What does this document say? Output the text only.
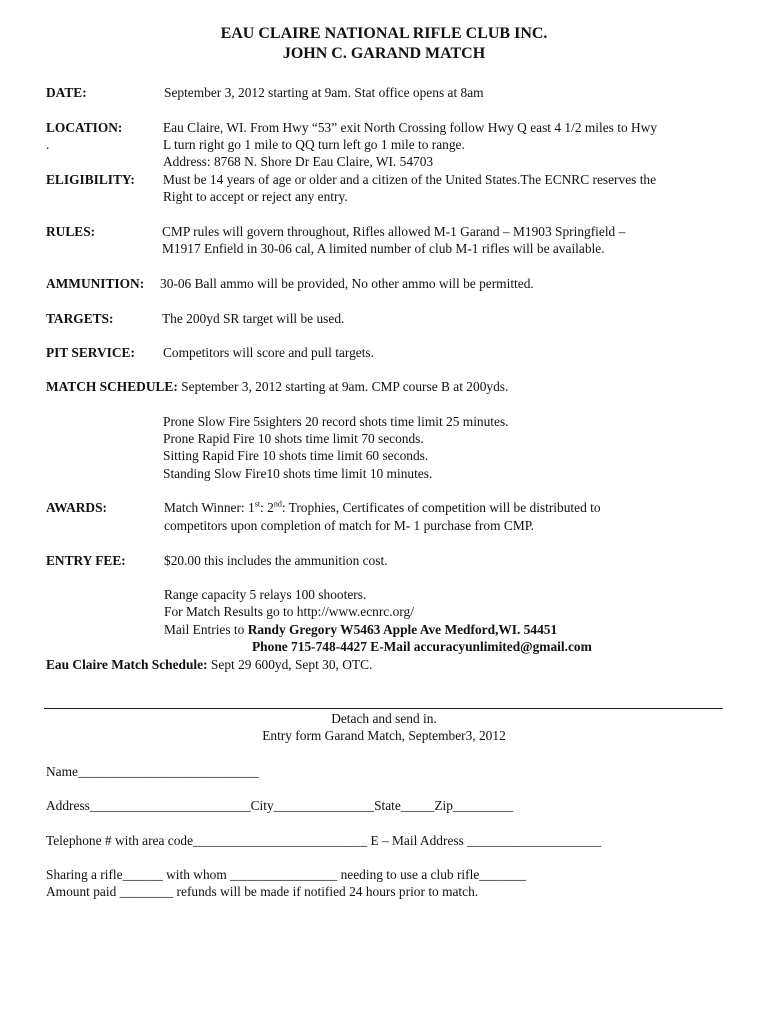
EAU CLAIRE NATIONAL RIFLE CLUB INC.
JOHN C. GARAND MATCH
DATE:	September 3, 2012 starting at 9am. Stat office opens at 8am
LOCATION:	Eau Claire, WI. From Hwy “53” exit North Crossing follow Hwy Q east 4 1/2 miles to Hwy
.	L turn right go 1 mile to QQ turn left go 1 mile to range.
Address: 8768 N. Shore Dr Eau Claire, WI. 54703
ELIGIBILITY: Must be 14 years of age or older and a citizen of the United States.The ECNRC reserves the
Right to accept or reject any entry.
RULES:	CMP rules will govern throughout, Rifles allowed M-1 Garand – M1903 Springfield –
M1917 Enfield in 30-06 cal, A limited number of club M-1 rifles will be available.
AMMUNITION: 30-06 Ball ammo will be provided, No other ammo will be permitted.
TARGETS:	The 200yd SR target will be used.
PIT SERVICE: Competitors will score and pull targets.
MATCH SCHEDULE: September 3, 2012 starting at 9am. CMP course B at 200yds.
Prone Slow Fire 5sighters 20 record shots time limit 25 minutes.
Prone Rapid Fire 10 shots time limit 70 seconds.
Sitting Rapid Fire 10 shots time limit 60 seconds.
Standing Slow Fire10 shots time limit 10 minutes.
AWARDS:	Match Winner: 1st: 2nd: Trophies, Certificates of competition will be distributed to
competitors upon completion of match for M- 1 purchase from CMP.
ENTRY FEE:	$20.00 this includes the ammunition cost.
Range capacity 5 relays 100 shooters.
For Match Results go to http://www.ecnrc.org/
Mail Entries to Randy Gregory W5463 Apple Ave Medford,WI. 54451
Phone 715-748-4427 E-Mail accuracyunlimited@gmail.com
Eau Claire Match Schedule: Sept 29 600yd, Sept 30, OTC.
Detach and send in.
Entry form Garand Match, September3, 2012
Name___________________________
Address________________________City_______________State_____Zip_________
Telephone # with area code__________________________ E – Mail Address ____________________
Sharing a rifle______ with whom ________________ needing to use a club rifle_______
Amount paid ________ refunds will be made if notified 24 hours prior to match.
